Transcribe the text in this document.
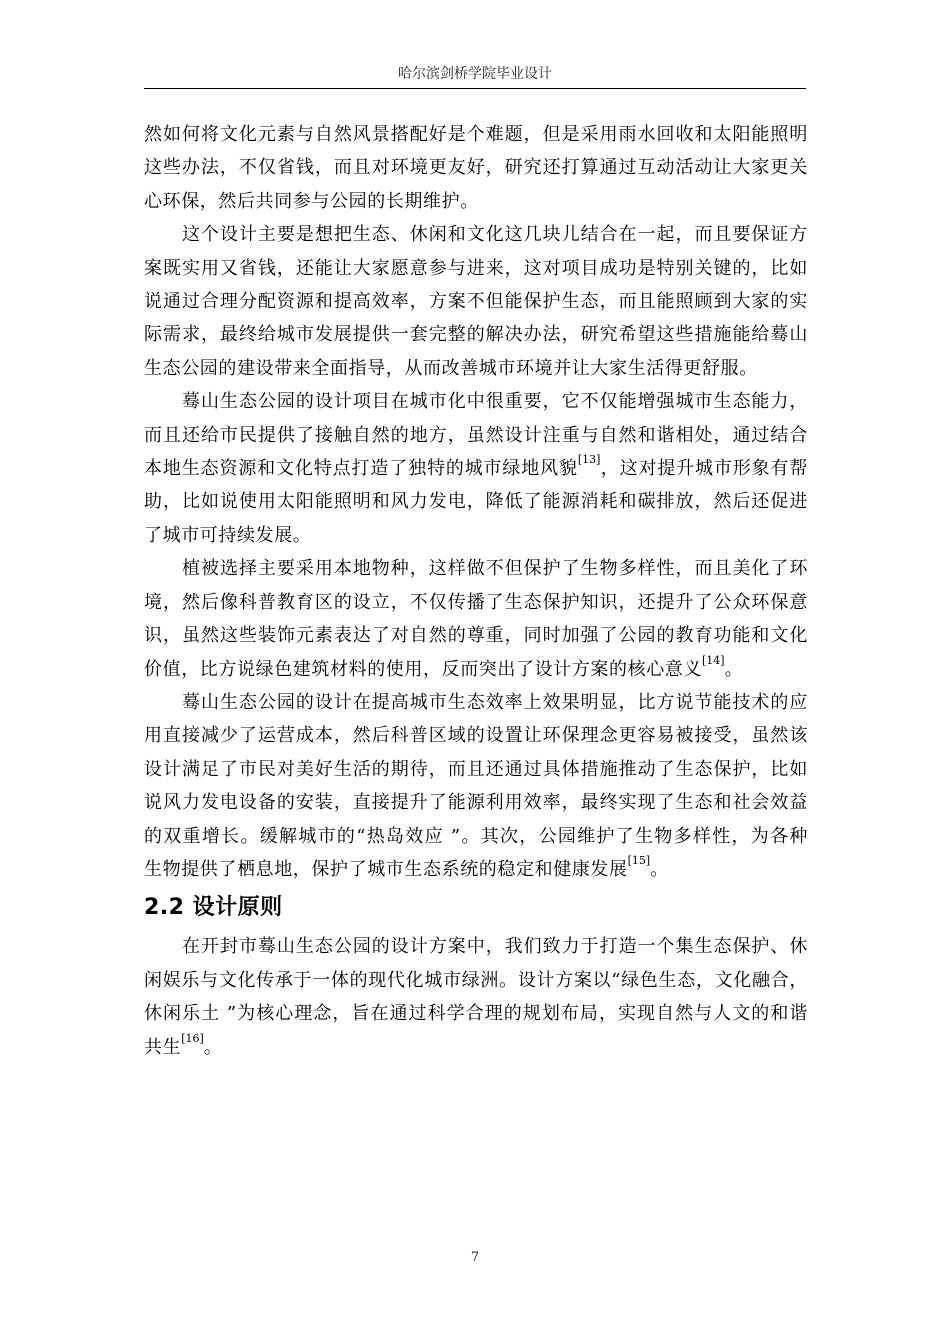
哈尔滨剑桥学院毕业设计

然如何将文化元素与自然风景搭配好是个难题，但是采用雨水回收和太阳能照明这些办法，不仅省钱，而且对环境更友好，研究还打算通过互动活动让大家更关心环保，然后共同参与公园的长期维护。

这个设计主要是想把生态、休闲和文化这几块儿结合在一起，而且要保证方 案既实用又省钱，还能让大家愿意参与进来，这对项目成功是特别关键的，比如 说通过合理分配资源和提高效率，方案不但能保护生态，而且能照顾到大家的实 际需求，最终给城市发展提供一套完整的解决办法，研究希望这些措施能给蓦山 生态公园的建设带来全面指导，从而改善城市环境并让大家生活得更舒服。

蓦山生态公园的设计项目在城市化中很重要，它不仅能增强城市生态能力， 而且还给市民提供了接触自然的地方，虽然设计注重与自然和谐相处，通过结合 本地生态资源和文化特点打造了独特的城市绿地风貌[13]，这对提升城市形象有帮 助，比如说使用太阳能照明和风力发电，降低了能源消耗和碳排放，然后还促进 了城市可持续发展。

植被选择主要采用本地物种，这样做不但保护了生物多样性，而且美化了环 境，然后像科普教育区的设立，不仅传播了生态保护知识，还提升了公众环保意 识，虽然这些装饰元素表达了对自然的尊重，同时加强了公园的教育功能和文化 价值，比方说绿色建筑材料的使用，反而突出了设计方案的核心意义[14]。

蓦山生态公园的设计在提高城市生态效率上效果明显，比方说节能技术的应 用直接减少了运营成本，然后科普区域的设置让环保理念更容易被接受，虽然该 设计满足了市民对美好生活的期待，而且还通过具体措施推动了生态保护，比如 说风力发电设备的安装，直接提升了能源利用效率，最终实现了生态和社会效益 的双重增长。缓解城市的“热岛效应 ”。其次，公园维护了生物多样性，为各种 生物提供了栖息地，保护了城市生态系统的稳定和健康发展[15]。

2.2 设计原则

在开封市蓦山生态公园的设计方案中，我们致力于打造一个集生态保护、休闲娱乐与文化传承于一体的现代化城市绿洲。设计方案以“绿色生态，文化融合，休闲乐土 ”为核心理念，旨在通过科学合理的规划布局，实现自然与人文的和谐 共生[16]。

7
